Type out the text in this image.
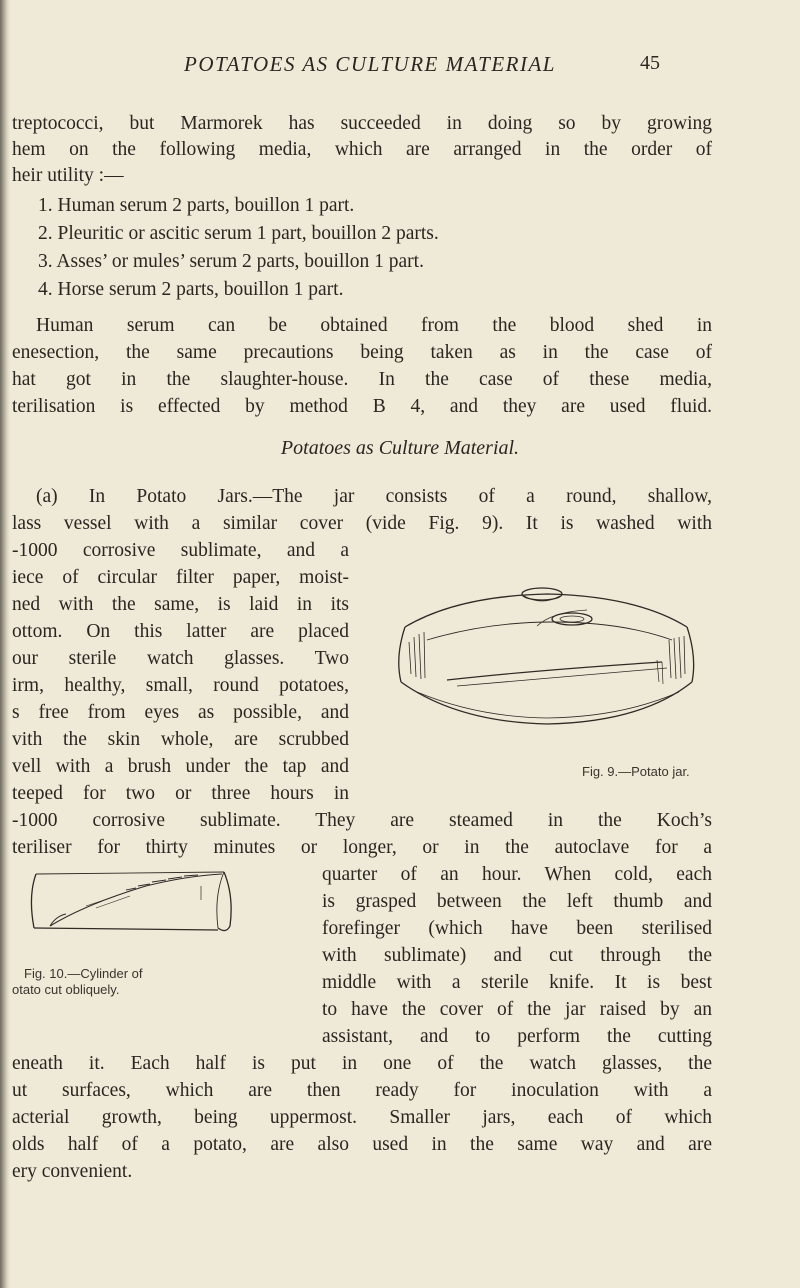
POTATOES AS CULTURE MATERIAL	45
treptococci, but Marmorek has succeeded in doing so by growing
hem on the following media, which are arranged in the order of
heir utility :—
1. Human serum 2 parts, bouillon 1 part.
2. Pleuritic or ascitic serum 1 part, bouillon 2 parts.
3. Asses’ or mules’ serum 2 parts, bouillon 1 part.
4. Horse serum 2 parts, bouillon 1 part.
Human serum can be obtained from the blood shed in
enesection, the same precautions being taken as in the case of
hat got in the slaughter-house. In the case of these media,
terilisation is effected by method B 4, and they are used fluid.
Potatoes as Culture Material.
(a) In Potato Jars.—The jar consists of a round, shallow,
lass vessel with a similar cover (vide Fig. 9). It is washed with
-1000 corrosive sublimate, and a
iece of circular filter paper, moist-
ned with the same, is laid in its
ottom. On this latter are placed
our sterile watch glasses. Two
irm, healthy, small, round potatoes,
s free from eyes as possible, and
vith the skin whole, are scrubbed
vell with a brush under the tap and
teeped for two or three hours in
-1000 corrosive sublimate. They are steamed in the Koch’s
teriliser for thirty minutes or longer, or in the autoclave for a
quarter of an hour. When cold, each
is grasped between the left thumb and
forefinger (which have been sterilised
with sublimate) and cut through the
middle with a sterile knife. It is best
to have the cover of the jar raised by an
assistant, and to perform the cutting
eneath it. Each half is put in one of the watch glasses, the
ut surfaces, which are then ready for inoculation with a
acterial growth, being uppermost. Smaller jars, each of which
olds half of a potato, are also used in the same way and are
ery convenient.
Fig. 9.—Potato jar.
Fig. 10.—Cylinder of
otato cut obliquely.
